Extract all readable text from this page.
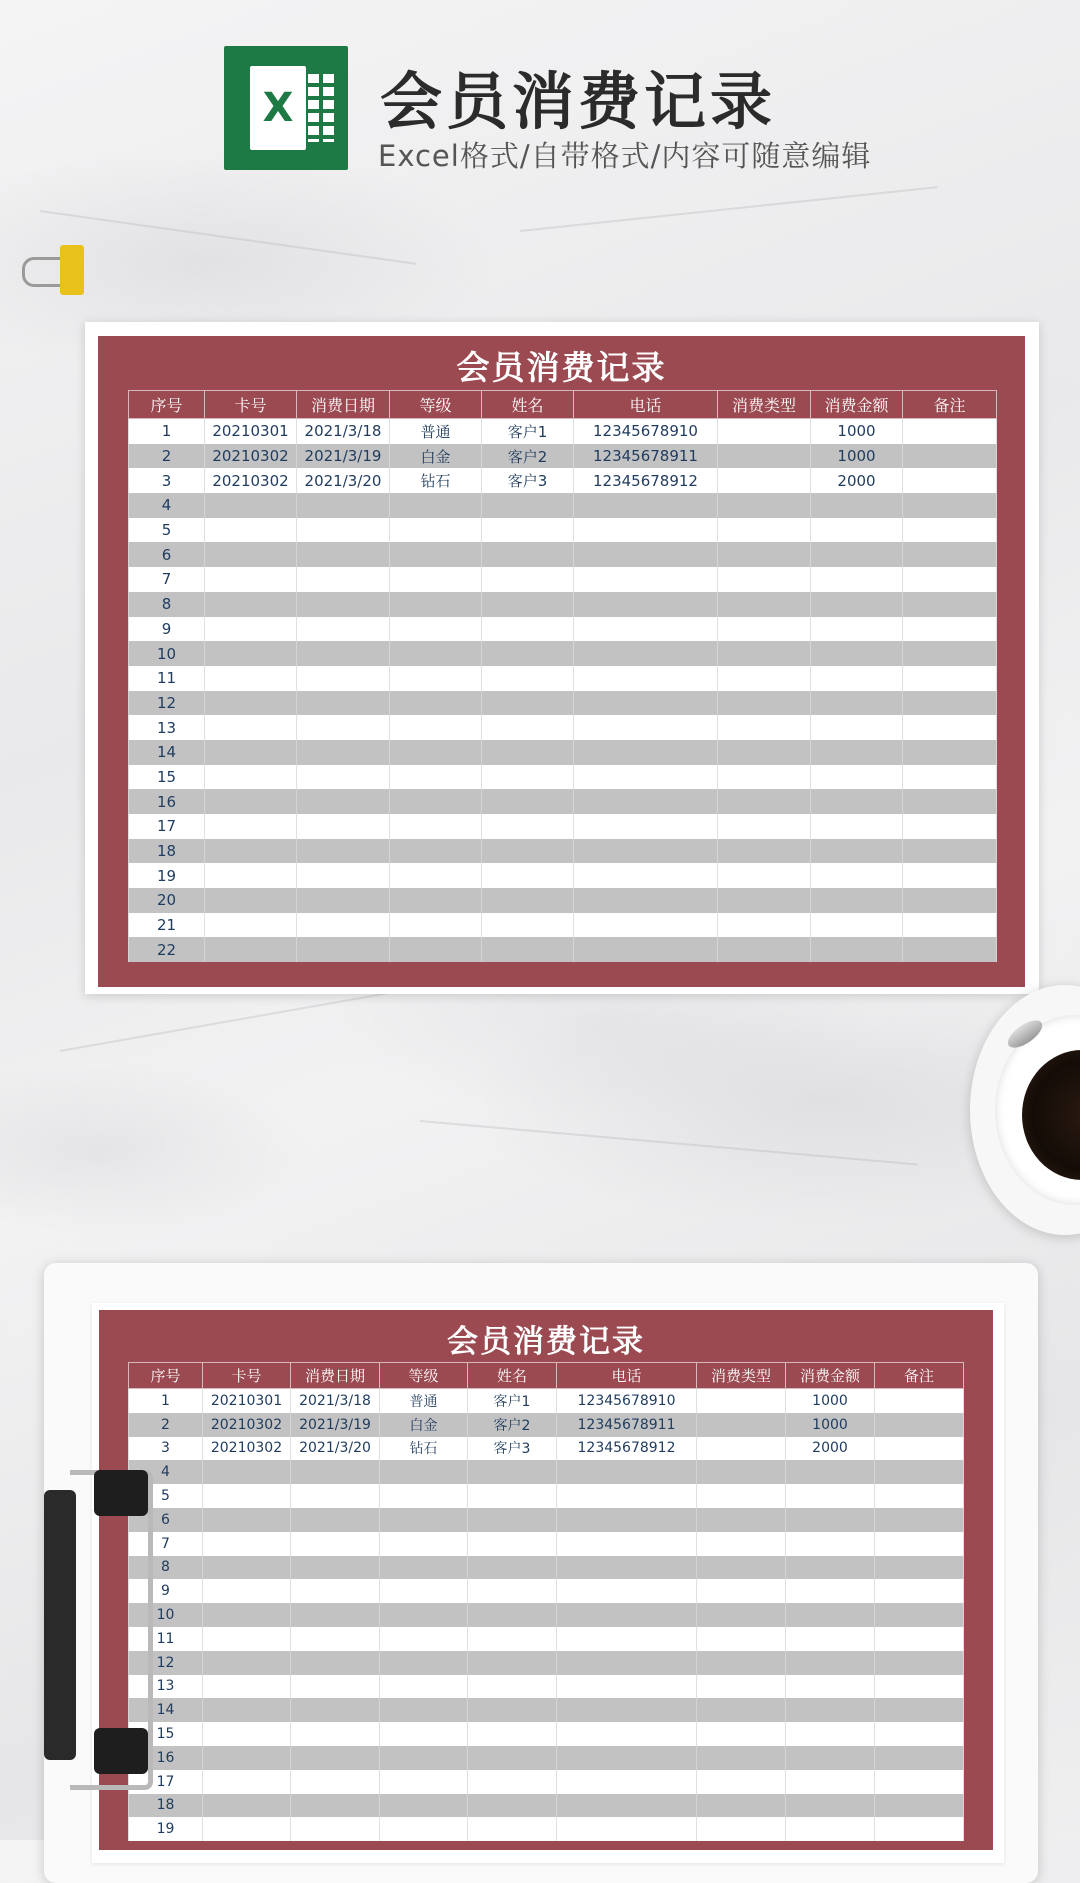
X 会员消费记录
Excel格式/自带格式/内容可随意编辑
会员消费记录
序号	卡号	消费日期	等级	姓名	电话	消费类型	消费金额	备注
1	20210301	2021/3/18	普通	客户1	12345678910		1000	
2	20210302	2021/3/19	白金	客户2	12345678911		1000	
3	20210302	2021/3/20	钻石	客户3	12345678912		2000	
4								
5								
6								
7								
8								
9								
10								
11								
12								
13								
14								
15								
16								
17								
18								
19								
20								
21								
22								
会员消费记录
序号	卡号	消费日期	等级	姓名	电话	消费类型	消费金额	备注
1	20210301	2021/3/18	普通	客户1	12345678910		1000	
2	20210302	2021/3/19	白金	客户2	12345678911		1000	
3	20210302	2021/3/20	钻石	客户3	12345678912		2000	
4								
5								
6								
7								
8								
9								
10								
11								
12								
13								
14								
15								
16								
17								
18								
19								
